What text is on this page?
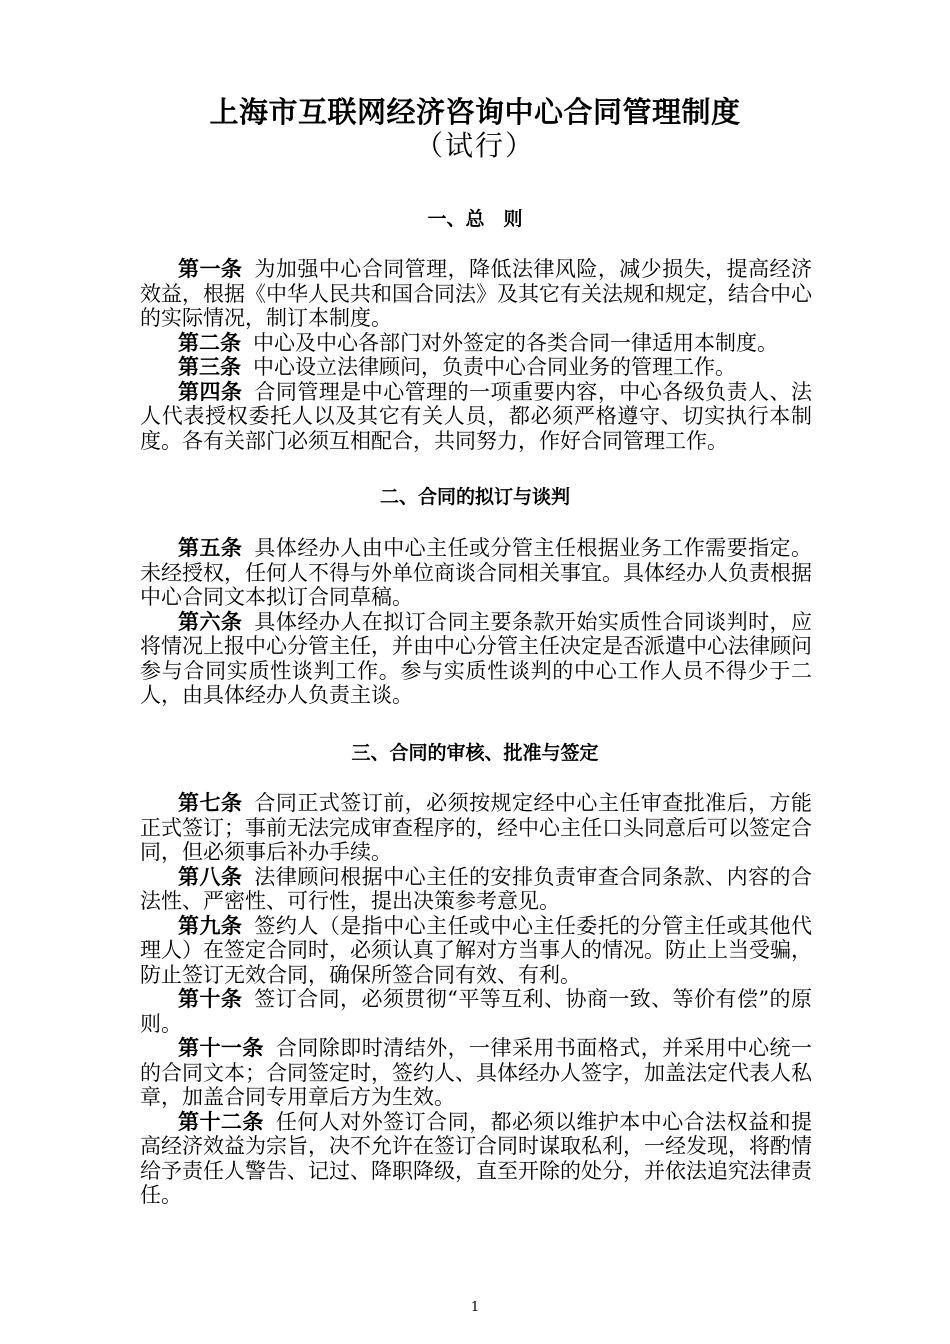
上海市互联网经济咨询中心合同管理制度
（试行）
一、总　则

第一条 为加强中心合同管理，降低法律风险，减少损失，提高经济效益，根据《中华人民共和国合同法》及其它有关法规和规定，结合中心的实际情况，制订本制度。

第二条 中心及中心各部门对外签定的各类合同一律适用本制度。

第三条 中心设立法律顾问，负责中心合同业务的管理工作。

第四条 合同管理是中心管理的一项重要内容，中心各级负责人、法人代表授权委托人以及其它有关人员，都必须严格遵守、切实执行本制度。各有关部门必须互相配合，共同努力，作好合同管理工作。

二、合同的拟订与谈判

第五条 具体经办人由中心主任或分管主任根据业务工作需要指定。未经授权，任何人不得与外单位商谈合同相关事宜。具体经办人负责根据中心合同文本拟订合同草稿。

第六条 具体经办人在拟订合同主要条款开始实质性合同谈判时，应将情况上报中心分管主任，并由中心分管主任决定是否派遣中心法律顾问参与合同实质性谈判工作。参与实质性谈判的中心工作人员不得少于二人，由具体经办人负责主谈。

三、合同的审核、批准与签定

第七条 合同正式签订前，必须按规定经中心主任审查批准后，方能正式签订；事前无法完成审查程序的，经中心主任口头同意后可以签定合同，但必须事后补办手续。

第八条 法律顾问根据中心主任的安排负责审查合同条款、内容的合法性、严密性、可行性，提出决策参考意见。

第九条 签约人（是指中心主任或中心主任委托的分管主任或其他代理人）在签定合同时，必须认真了解对方当事人的情况。防止上当受骗，防止签订无效合同，确保所签合同有效、有利。

第十条 签订合同，必须贯彻“平等互利、协商一致、等价有偿”的原则。

第十一条 合同除即时清结外，一律采用书面格式，并采用中心统一的合同文本；合同签定时，签约人、具体经办人签字，加盖法定代表人私章，加盖合同专用章后方为生效。

第十二条 任何人对外签订合同，都必须以维护本中心合法权益和提高经济效益为宗旨，决不允许在签订合同时谋取私利，一经发现，将酌情给予责任人警告、记过、降职降级，直至开除的处分，并依法追究法律责任。

1
